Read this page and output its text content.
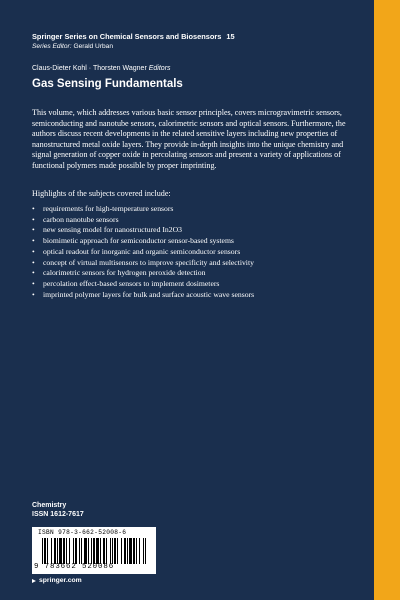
Springer Series on Chemical Sensors and Biosensors 15
Series Editor: Gerald Urban
Claus-Dieter Kohl · Thorsten Wagner Editors
Gas Sensing Fundamentals
This volume, which addresses various basic sensor principles, covers microgravimetric sensors, semiconducting and nanotube sensors, calorimetric sensors and optical sensors. Furthermore, the authors discuss recent developments in the related sensitive layers including new properties of nanostructured metal oxide layers. They provide in-depth insights into the unique chemistry and signal generation of copper oxide in percolating sensors and present a variety of applications of functional polymers made possible by proper imprinting.
Highlights of the subjects covered include:
• requirements for high-temperature sensors
• carbon nanotube sensors
• new sensing model for nanostructured In2O3
• biomimetic approach for semiconductor sensor-based systems
• optical readout for inorganic and organic semiconductor sensors
• concept of virtual multisensors to improve specificity and selectivity
• calorimetric sensors for hydrogen peroxide detection
• percolation effect-based sensors to implement dosimeters
• imprinted polymer layers for bulk and surface acoustic wave sensors
Chemistry
ISSN 1612-7617
ISBN 978-3-662-52008-6
9 783662 520086
springer.com
